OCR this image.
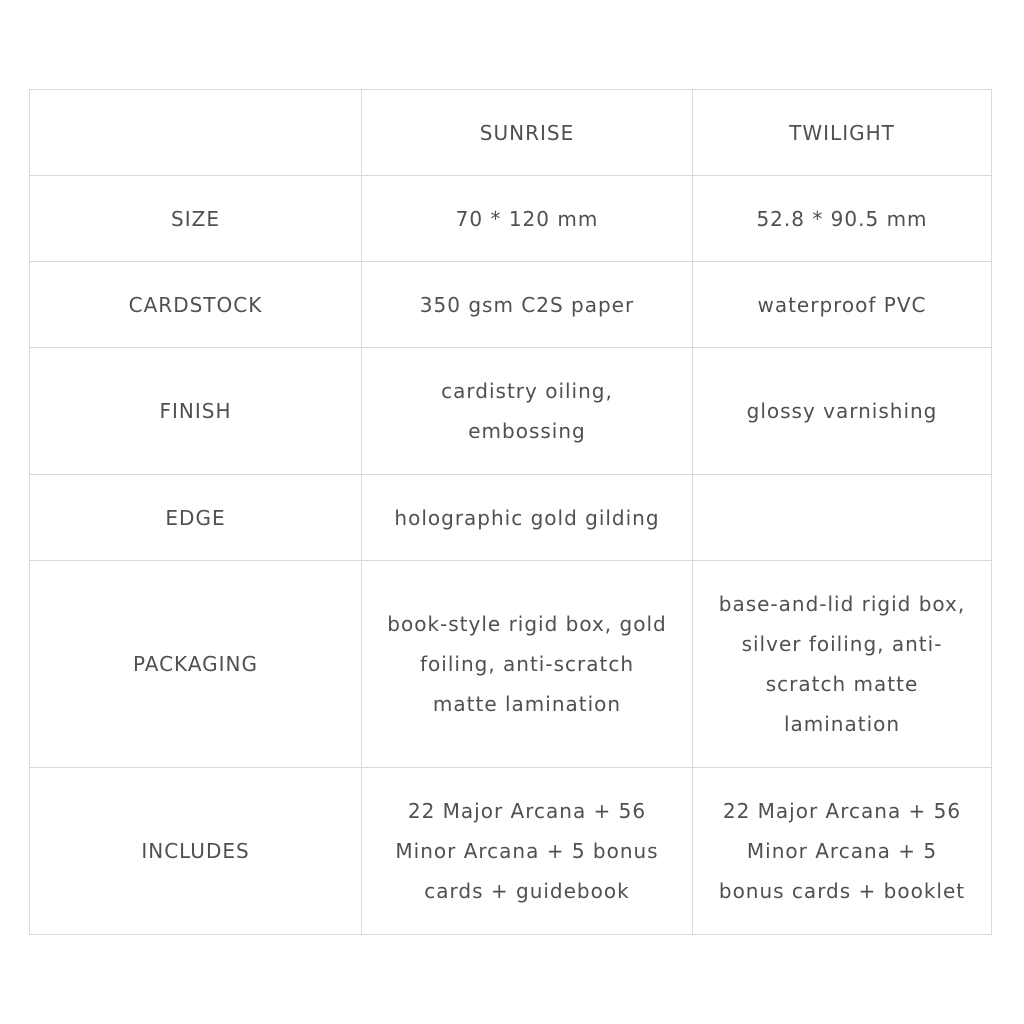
	SUNRISE	TWILIGHT
SIZE	70 * 120 mm	52.8 * 90.5 mm
CARDSTOCK	350 gsm C2S paper	waterproof PVC
FINISH	cardistry oiling, embossing	glossy varnishing
EDGE	holographic gold gilding	
PACKAGING	book-style rigid box, gold foiling, anti-scratch matte lamination	base-and-lid rigid box, silver foiling, anti-scratch matte lamination
INCLUDES	22 Major Arcana + 56 Minor Arcana + 5 bonus cards + guidebook	22 Major Arcana + 56 Minor Arcana + 5 bonus cards + booklet
